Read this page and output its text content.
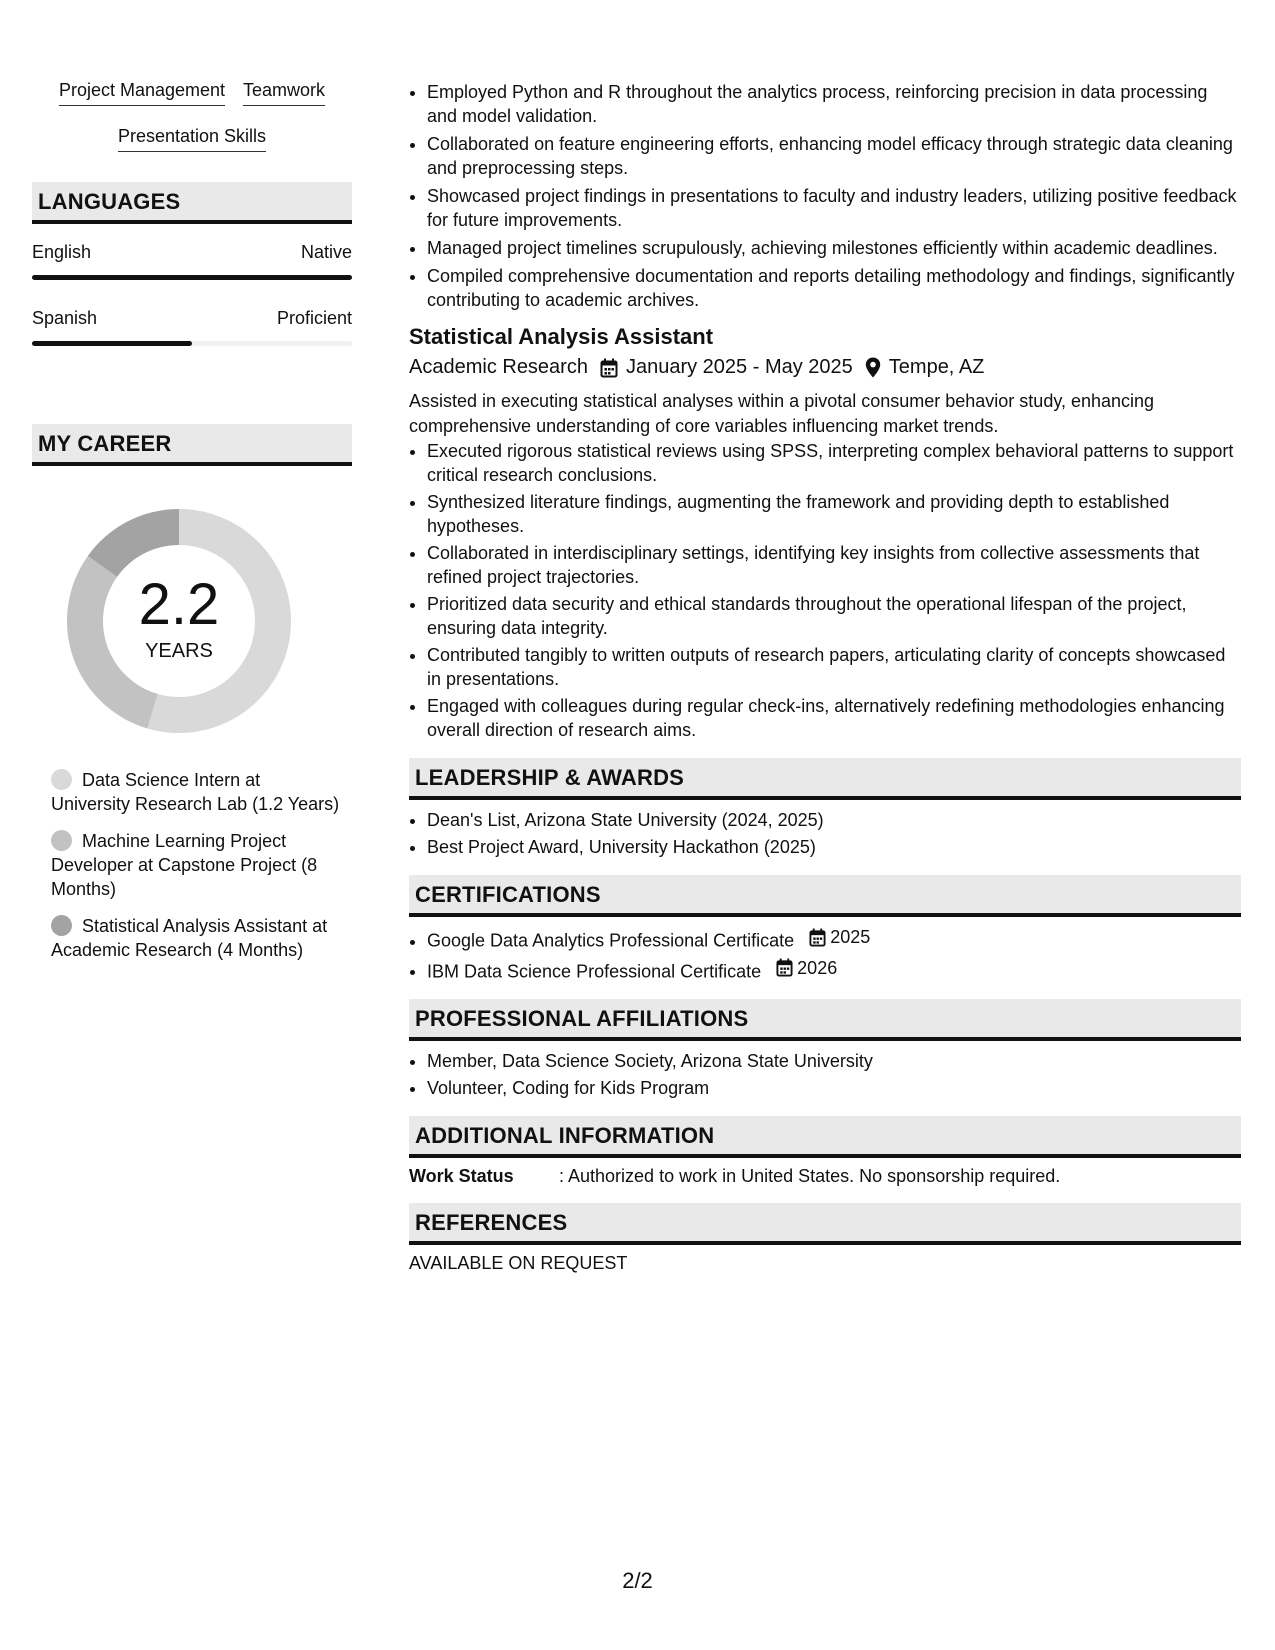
Project Management Teamwork
Presentation Skills
LANGUAGES
English	Native
Spanish	Proficient
MY CAREER
2.2
YEARS
Data Science Intern at University Research Lab (1.2 Years)
Machine Learning Project Developer at Capstone Project (8 Months)
Statistical Analysis Assistant at Academic Research (4 Months)
• Employed Python and R throughout the analytics process, reinforcing precision in data processing and model validation.
• Collaborated on feature engineering efforts, enhancing model efficacy through strategic data cleaning and preprocessing steps.
• Showcased project findings in presentations to faculty and industry leaders, utilizing positive feedback for future improvements.
• Managed project timelines scrupulously, achieving milestones efficiently within academic deadlines.
• Compiled comprehensive documentation and reports detailing methodology and findings, significantly contributing to academic archives.
Statistical Analysis Assistant
Academic Research January 2025 - May 2025 Tempe, AZ
Assisted in executing statistical analyses within a pivotal consumer behavior study, enhancing comprehensive understanding of core variables influencing market trends.
• Executed rigorous statistical reviews using SPSS, interpreting complex behavioral patterns to support critical research conclusions.
• Synthesized literature findings, augmenting the framework and providing depth to established hypotheses.
• Collaborated in interdisciplinary settings, identifying key insights from collective assessments that refined project trajectories.
• Prioritized data security and ethical standards throughout the operational lifespan of the project, ensuring data integrity.
• Contributed tangibly to written outputs of research papers, articulating clarity of concepts showcased in presentations.
• Engaged with colleagues during regular check-ins, alternatively redefining methodologies enhancing overall direction of research aims.
LEADERSHIP & AWARDS
• Dean's List, Arizona State University (2024, 2025)
• Best Project Award, University Hackathon (2025)
CERTIFICATIONS
• Google Data Analytics Professional Certificate 2025
• IBM Data Science Professional Certificate 2026
PROFESSIONAL AFFILIATIONS
• Member, Data Science Society, Arizona State University
• Volunteer, Coding for Kids Program
ADDITIONAL INFORMATION
Work Status	: Authorized to work in United States. No sponsorship required.
REFERENCES
AVAILABLE ON REQUEST
2/2
